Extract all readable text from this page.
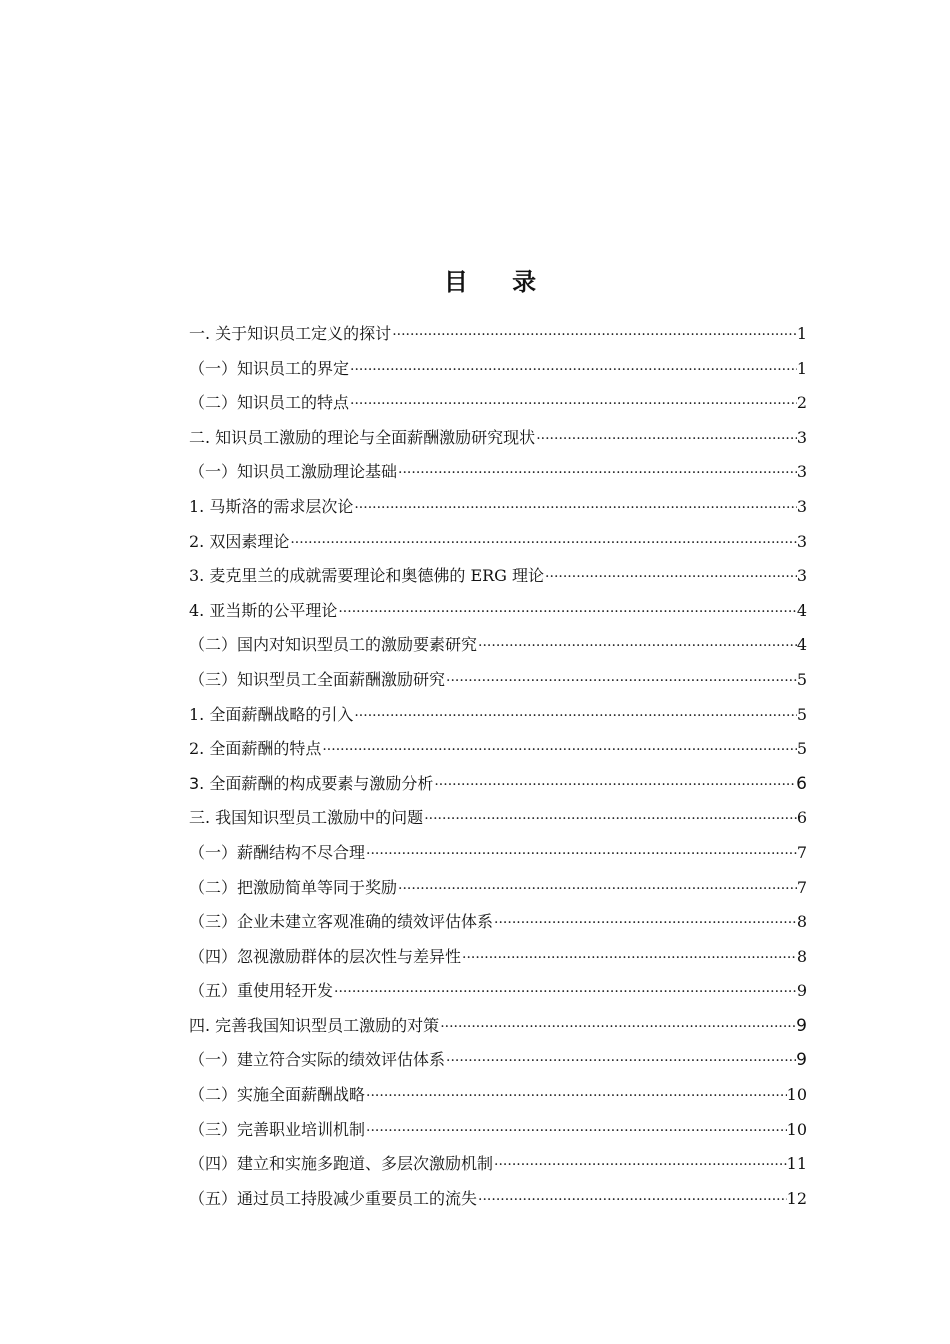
目 录
一. 关于知识员工定义的探讨 ·····	1
（一）知识员工的界定 ·····	1
（二）知识员工的特点 ·····	2
二. 知识员工激励的理论与全面薪酬激励研究现状 ·····	3
（一）知识员工激励理论基础 ·····	3
1. 马斯洛的需求层次论 ·····	3
2. 双因素理论 ·····	3
3. 麦克里兰的成就需要理论和奥德佛的 ERG 理论 ·····	3
4. 亚当斯的公平理论 ·····	4
（二）国内对知识型员工的激励要素研究 ·····	4
（三）知识型员工全面薪酬激励研究 ·····	5
1. 全面薪酬战略的引入 ·····	5
2. 全面薪酬的特点 ·····	5
3. 全面薪酬的构成要素与激励分析 ·····	6
三. 我国知识型员工激励中的问题 ·····	6
（一）薪酬结构不尽合理 ·····	7
（二）把激励简单等同于奖励 ·····	7
（三）企业未建立客观准确的绩效评估体系 ·····	8
（四）忽视激励群体的层次性与差异性 ·····	8
（五）重使用轻开发 ·····	9
四. 完善我国知识型员工激励的对策 ·····	9
（一）建立符合实际的绩效评估体系 ·····	9
（二）实施全面薪酬战略 ·····	10
（三）完善职业培训机制 ·····	10
（四）建立和实施多跑道、多层次激励机制 ·····	11
（五）通过员工持股减少重要员工的流失 ·····	12
